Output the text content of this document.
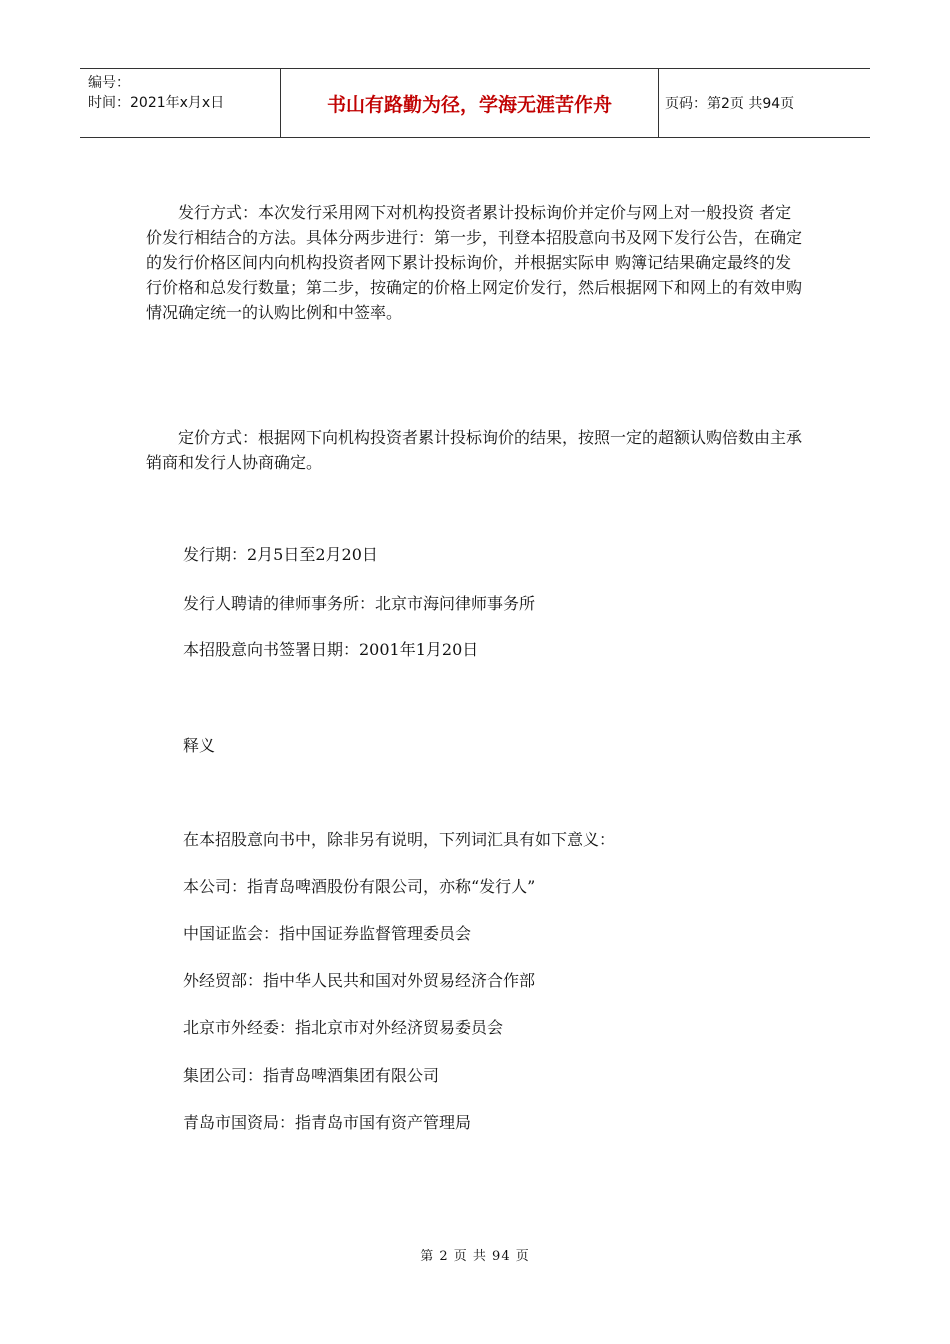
编号：
时间：2021年x月x日	书山有路勤为径，学海无涯苦作舟	页码：第2页 共94页

发行方式：本次发行采用网下对机构投资者累计投标询价并定价与网上对一般投资 者定价发行相结合的方法。具体分两步进行：第一步，刊登本招股意向书及网下发行公告，在确定的发行价格区间内向机构投资者网下累计投标询价，并根据实际申 购簿记结果确定最终的发行价格和总发行数量；第二步，按确定的价格上网定价发行，然后根据网下和网上的有效申购情况确定统一的认购比例和中签率。

定价方式：根据网下向机构投资者累计投标询价的结果，按照一定的超额认购倍数由主承销商和发行人协商确定。

发行期：2月5日至2月20日
发行人聘请的律师事务所：北京市海问律师事务所
本招股意向书签署日期：2001年1月20日
释义
在本招股意向书中，除非另有说明，下列词汇具有如下意义：
本公司：指青岛啤酒股份有限公司，亦称“发行人”
中国证监会：指中国证券监督管理委员会
外经贸部：指中华人民共和国对外贸易经济合作部
北京市外经委：指北京市对外经济贸易委员会
集团公司：指青岛啤酒集团有限公司
青岛市国资局：指青岛市国有资产管理局
第 2 页 共 94 页
